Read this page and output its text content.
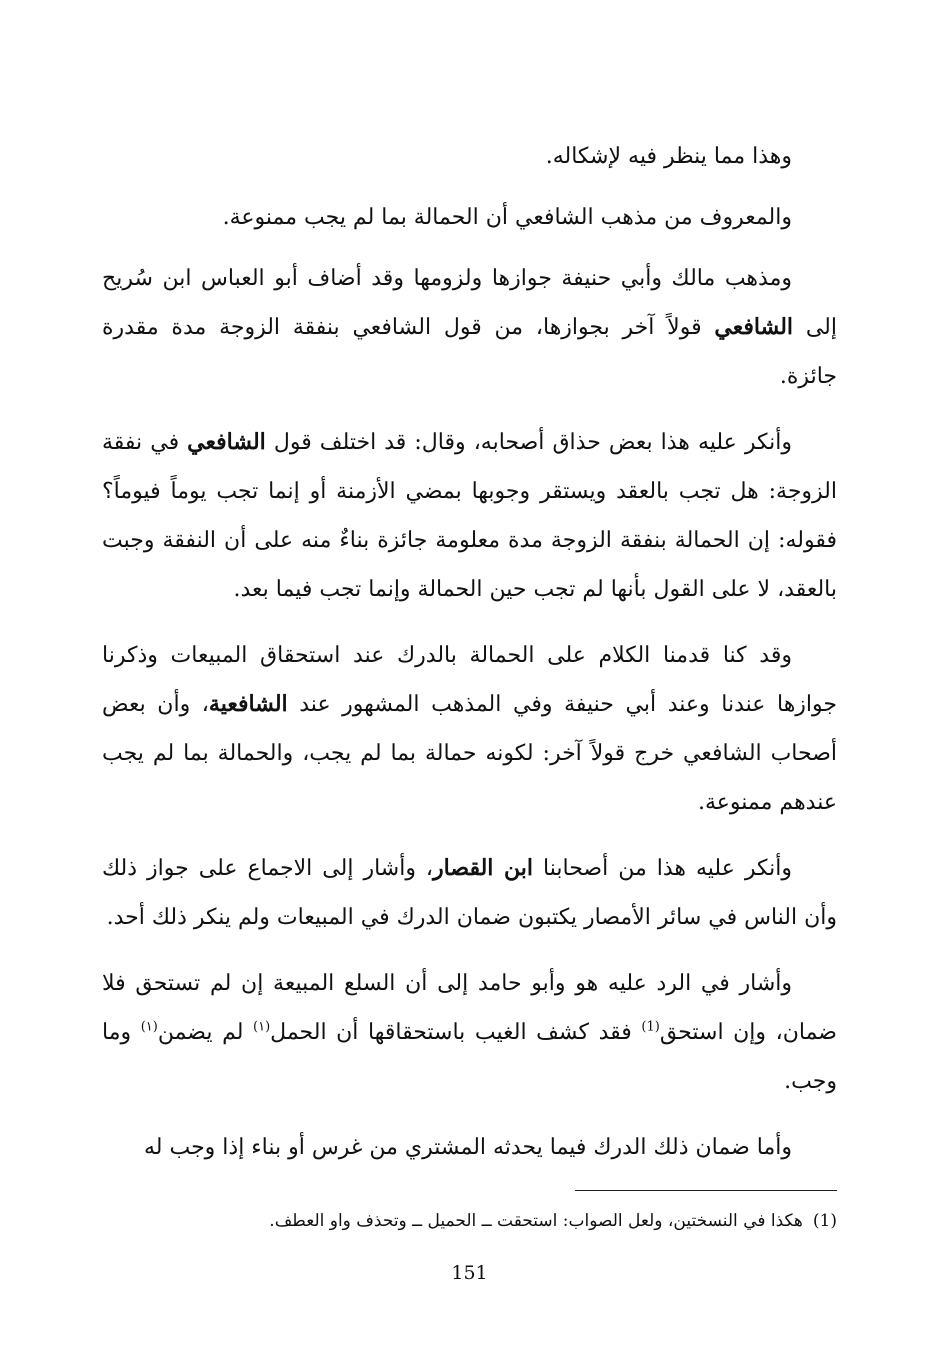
وهذا مما ينظر فيه لإشكاله.

والمعروف من مذهب الشافعي أن الحمالة بما لم يجب ممنوعة.

ومذهب مالك وأبي حنيفة جوازها ولزومها وقد أضاف أبو العباس ابن سُريح إلى الشافعي قولاً آخر بجوازها، من قول الشافعي بنفقة الزوجة مدة مقدرة جائزة.

وأنكر عليه هذا بعض حذاق أصحابه، وقال: قد اختلف قول الشافعي في نفقة الزوجة: هل تجب بالعقد ويستقر وجوبها بمضي الأزمنة أو إنما تجب يوماً فيوماً؟ فقوله: إن الحمالة بنفقة الزوجة مدة معلومة جائزة بناءٌ منه على أن النفقة وجبت بالعقد، لا على القول بأنها لم تجب حين الحمالة وإنما تجب فيما بعد.

وقد كنا قدمنا الكلام على الحمالة بالدرك عند استحقاق المبيعات وذكرنا جوازها عندنا وعند أبي حنيفة وفي المذهب المشهور عند الشافعية، وأن بعض أصحاب الشافعي خرج قولاً آخر: لكونه حمالة بما لم يجب، والحمالة بما لم يجب عندهم ممنوعة.

وأنكر عليه هذا من أصحابنا ابن القصار، وأشار إلى الاجماع على جواز ذلك وأن الناس في سائر الأمصار يكتبون ضمان الدرك في المبيعات ولم ينكر ذلك أحد.

وأشار في الرد عليه هو وأبو حامد إلى أن السلع المبيعة إن لم تستحق فلا ضمان، وإن استحق$^{(1)}$ فقد كشف الغيب باستحقاقها أن الحمل$^{(١)}$ لم يضمن$^{(١)}$ وما وجب.

وأما ضمان ذلك الدرك فيما يحدثه المشتري من غرس أو بناء إذا وجب له

(1)هكذا في النسختين، ولعل الصواب: استحقت ــ الحميل ــ وتحذف واو العطف.
151
